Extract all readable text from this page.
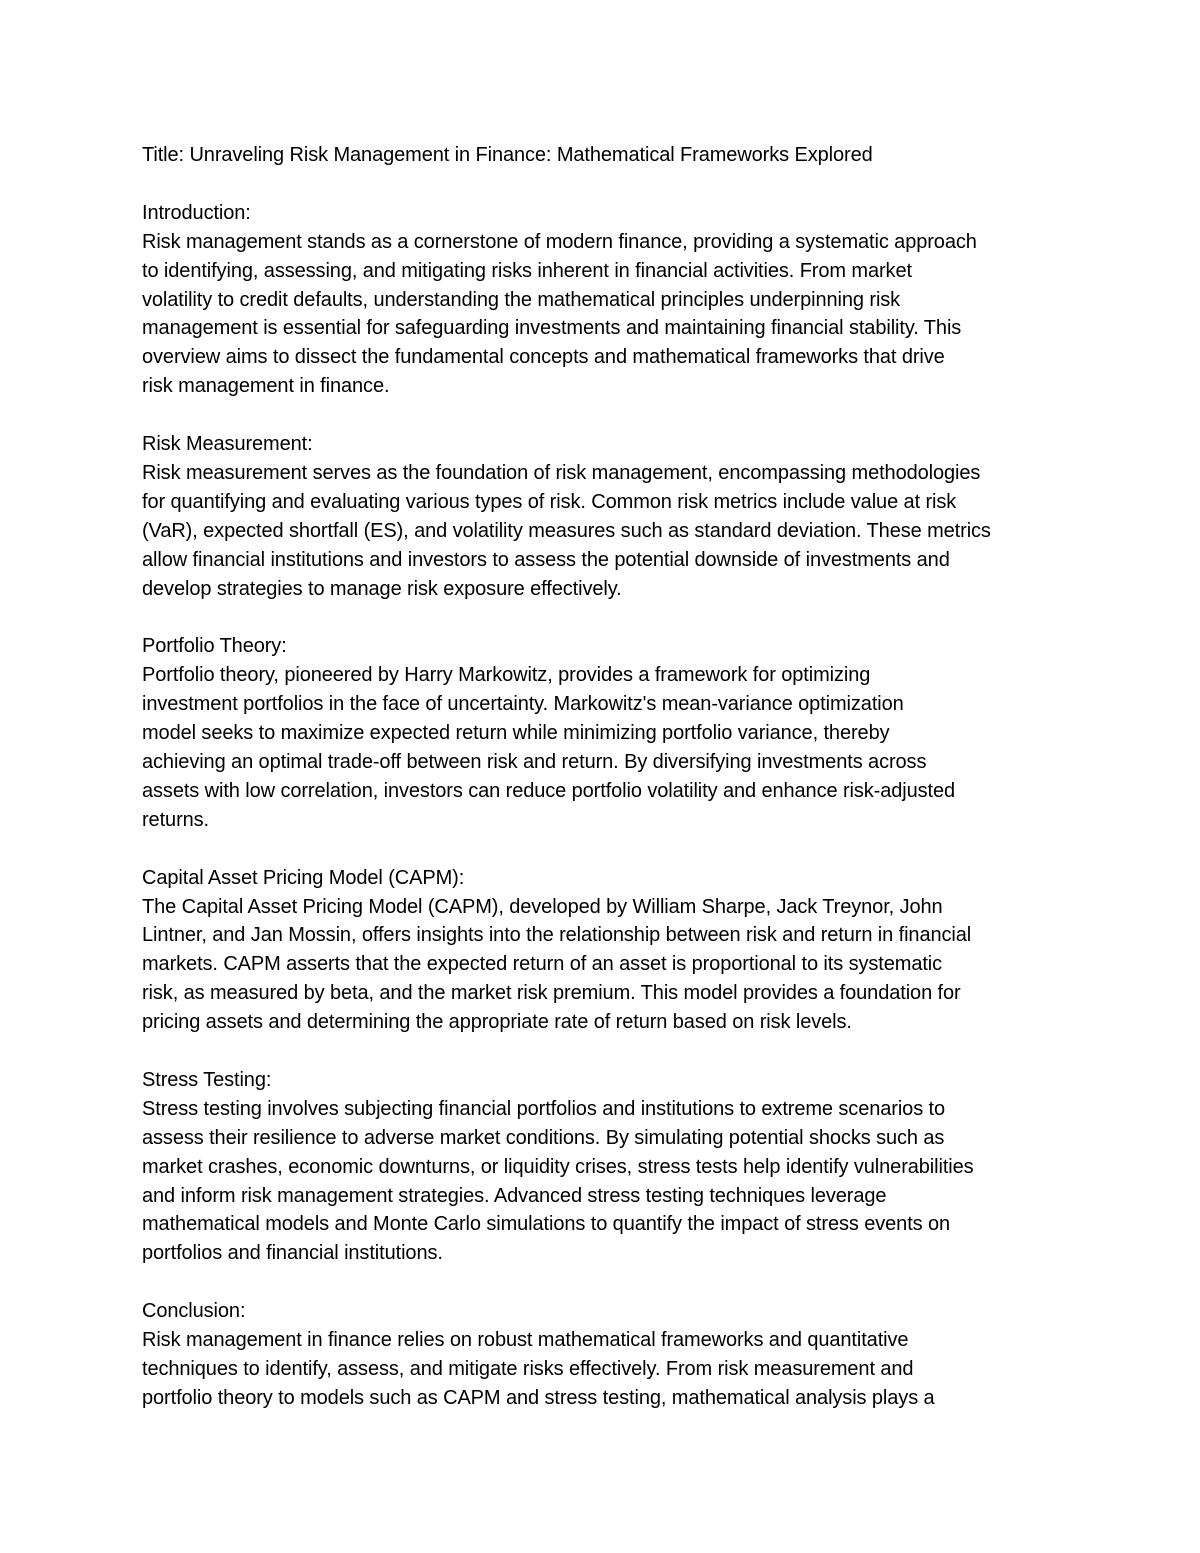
Title: Unraveling Risk Management in Finance: Mathematical Frameworks Explored
Introduction:
Risk management stands as a cornerstone of modern finance, providing a systematic approach
to identifying, assessing, and mitigating risks inherent in financial activities. From market
volatility to credit defaults, understanding the mathematical principles underpinning risk
management is essential for safeguarding investments and maintaining financial stability. This
overview aims to dissect the fundamental concepts and mathematical frameworks that drive
risk management in finance.
Risk Measurement:
Risk measurement serves as the foundation of risk management, encompassing methodologies
for quantifying and evaluating various types of risk. Common risk metrics include value at risk
(VaR), expected shortfall (ES), and volatility measures such as standard deviation. These metrics
allow financial institutions and investors to assess the potential downside of investments and
develop strategies to manage risk exposure effectively.
Portfolio Theory:
Portfolio theory, pioneered by Harry Markowitz, provides a framework for optimizing
investment portfolios in the face of uncertainty. Markowitz's mean-variance optimization
model seeks to maximize expected return while minimizing portfolio variance, thereby
achieving an optimal trade-off between risk and return. By diversifying investments across
assets with low correlation, investors can reduce portfolio volatility and enhance risk-adjusted
returns.
Capital Asset Pricing Model (CAPM):
The Capital Asset Pricing Model (CAPM), developed by William Sharpe, Jack Treynor, John
Lintner, and Jan Mossin, offers insights into the relationship between risk and return in financial
markets. CAPM asserts that the expected return of an asset is proportional to its systematic
risk, as measured by beta, and the market risk premium. This model provides a foundation for
pricing assets and determining the appropriate rate of return based on risk levels.
Stress Testing:
Stress testing involves subjecting financial portfolios and institutions to extreme scenarios to
assess their resilience to adverse market conditions. By simulating potential shocks such as
market crashes, economic downturns, or liquidity crises, stress tests help identify vulnerabilities
and inform risk management strategies. Advanced stress testing techniques leverage
mathematical models and Monte Carlo simulations to quantify the impact of stress events on
portfolios and financial institutions.
Conclusion:
Risk management in finance relies on robust mathematical frameworks and quantitative
techniques to identify, assess, and mitigate risks effectively. From risk measurement and
portfolio theory to models such as CAPM and stress testing, mathematical analysis plays a
